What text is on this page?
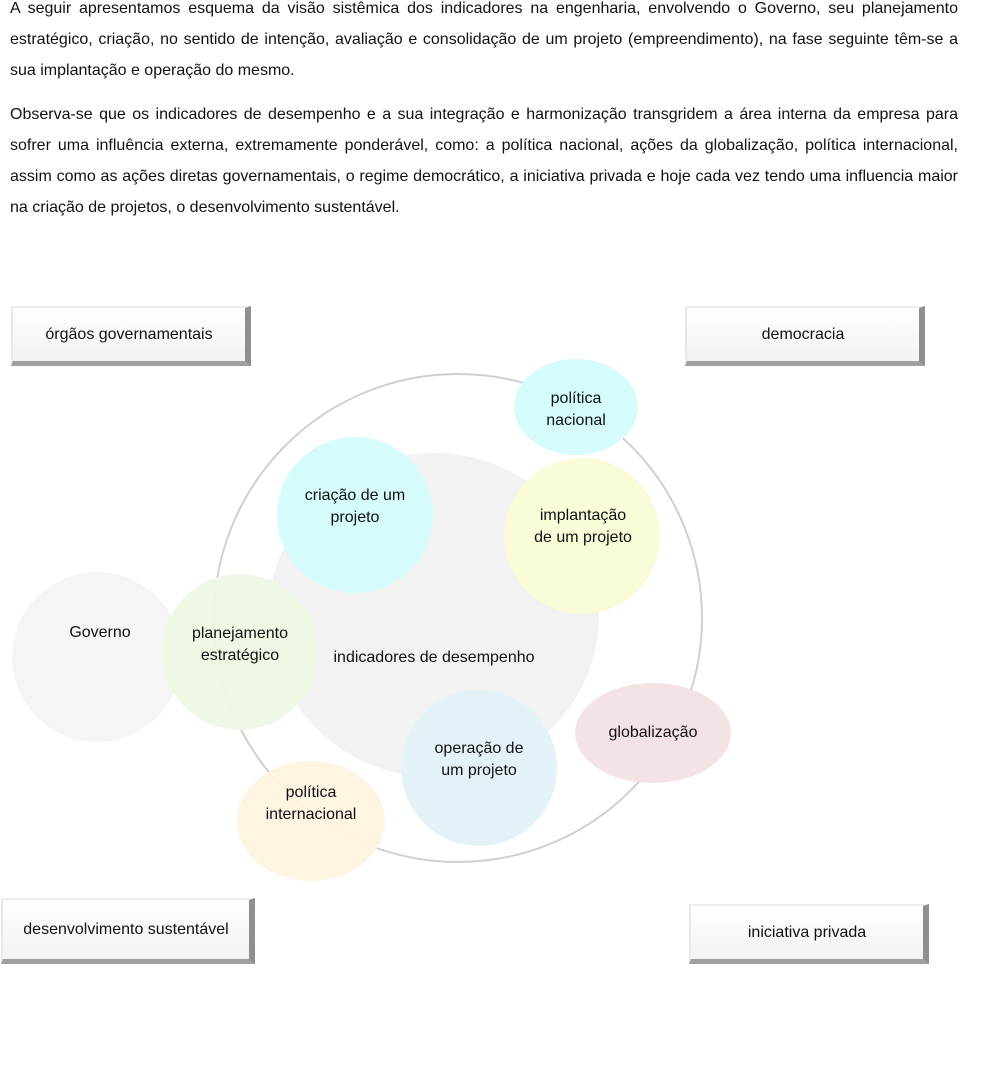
A seguir apresentamos esquema da visão sistêmica dos indicadores na engenharia, envolvendo o Governo, seu planejamento estratégico, criação, no sentido de intenção, avaliação e consolidação de um projeto (empreendimento), na fase seguinte têm-se a sua implantação e operação do mesmo.

Observa-se que os indicadores de desempenho e a sua integração e harmonização transgridem a área interna da empresa para sofrer uma influência externa, extremamente ponderável, como: a política nacional, ações da globalização, política internacional, assim como as ações diretas governamentais, o regime democrático, a iniciativa privada e hoje cada vez tendo uma influencia maior na criação de projetos, o desenvolvimento sustentável.

órgãos governamentais	democracia
desenvolvimento sustentável	iniciativa privada
Governo	planejamento
estratégico	indicadores de desempenho
criação de um
projeto
política
nacional
implantação
de um projeto
globalização
operação de
um projeto
política
internacional
